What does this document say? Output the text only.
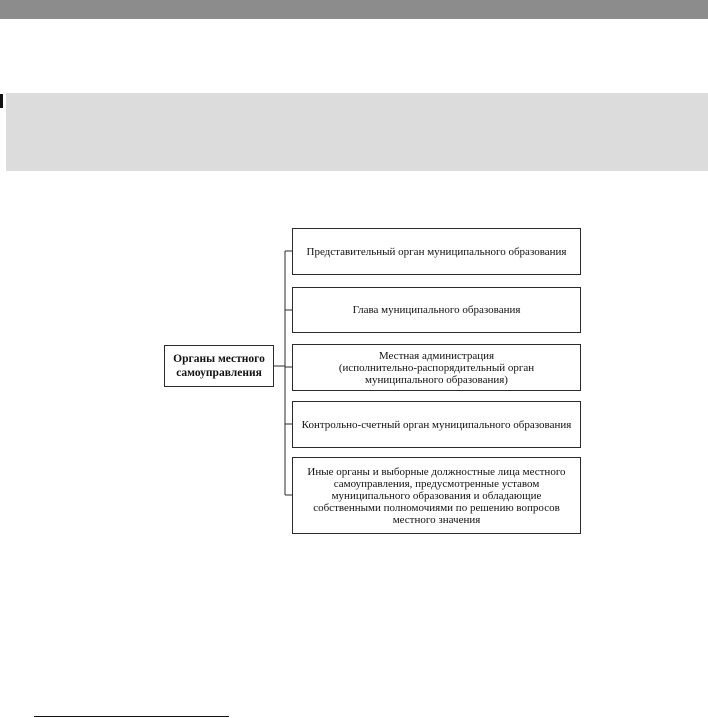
Органы местного самоуправления
Представительный орган муниципального образования
Глава муниципального образования
Местная администрация
(исполнительно-распорядительный орган муниципального образования)
Контрольно-счетный орган муниципального образования
Иные органы и выборные должностные лица местного самоуправления, предусмотренные уставом муниципального образования и обладающие собственными полномочиями по решению вопросов местного значения
